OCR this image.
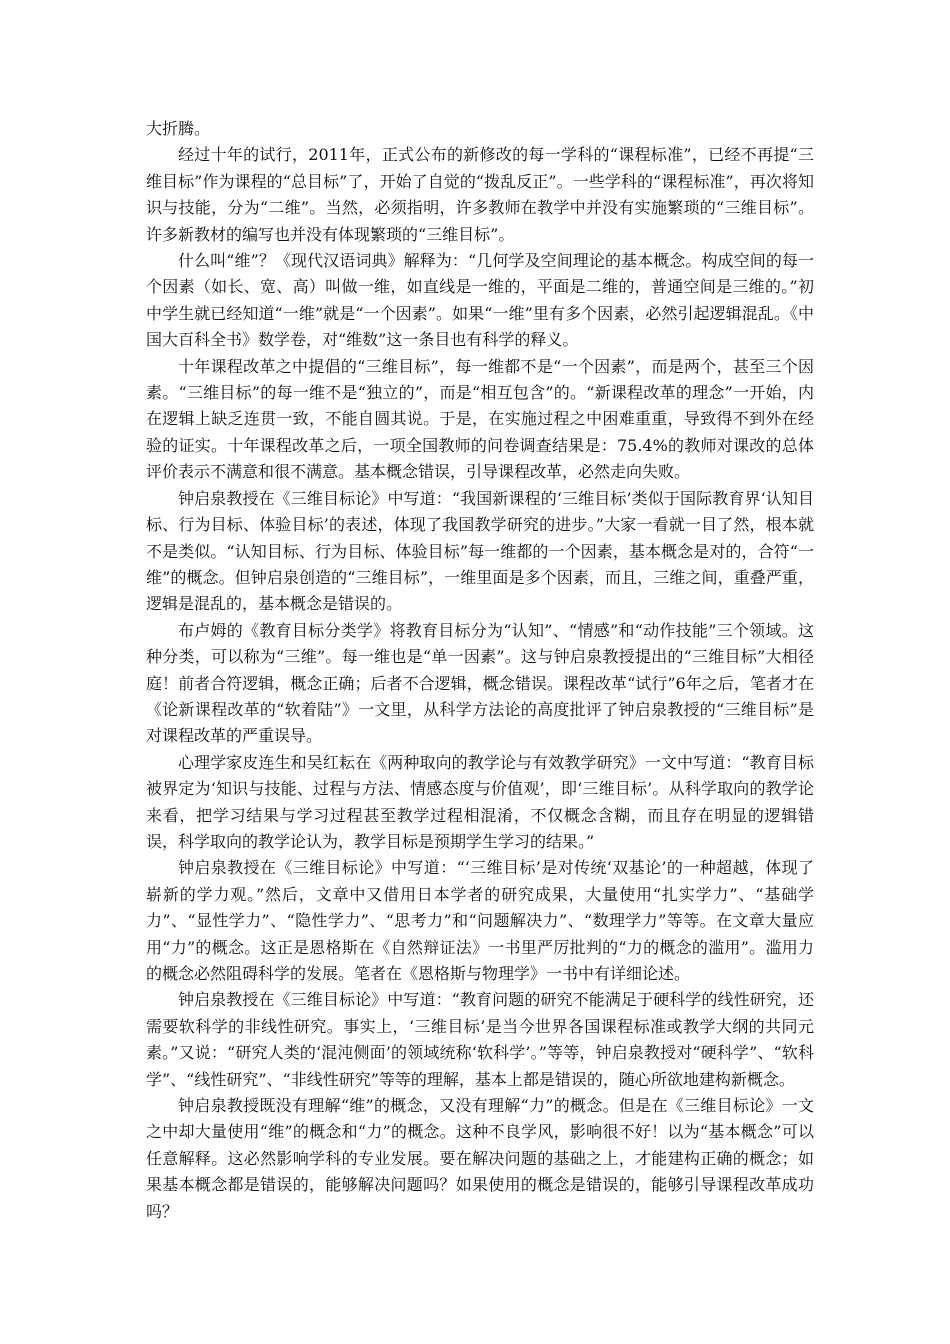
大折腾。

经过十年的试行，2011年，正式公布的新修改的每一学科的“课程标准”，已经不再提“三维目标”作为课程的“总目标”了，开始了自觉的“拨乱反正”。一些学科的“课程标准”，再次将知识与技能，分为“二维”。当然，必须指明，许多教师在教学中并没有实施繁琐的“三维目标”。许多新教材的编写也并没有体现繁琐的“三维目标”。

什么叫“维”？《现代汉语词典》解释为：“几何学及空间理论的基本概念。构成空间的每一个因素（如长、宽、高）叫做一维，如直线是一维的，平面是二维的，普通空间是三维的。”初中学生就已经知道“一维”就是“一个因素”。如果“一维”里有多个因素，必然引起逻辑混乱。《中国大百科全书》数学卷，对“维数”这一条目也有科学的释义。

十年课程改革之中提倡的“三维目标”，每一维都不是“一个因素”，而是两个，甚至三个因素。“三维目标”的每一维不是“独立的”，而是“相互包含”的。“新课程改革的理念”一开始，内在逻辑上缺乏连贯一致，不能自圆其说。于是，在实施过程之中困难重重，导致得不到外在经验的证实。十年课程改革之后，一项全国教师的问卷调查结果是：75.4%的教师对课改的总体评价表示不满意和很不满意。基本概念错误，引导课程改革，必然走向失败。

钟启泉教授在《三维目标论》中写道：“我国新课程的‘三维目标’类似于国际教育界‘认知目标、行为目标、体验目标’的表述，体现了我国教学研究的进步。”大家一看就一目了然，根本就不是类似。“认知目标、行为目标、体验目标”每一维都的一个因素，基本概念是对的，合符“一维”的概念。但钟启泉创造的“三维目标”，一维里面是多个因素，而且，三维之间，重叠严重，逻辑是混乱的，基本概念是错误的。

布卢姆的《教育目标分类学》将教育目标分为“认知”、“情感”和“动作技能”三个领域。这种分类，可以称为“三维”。每一维也是“单一因素”。这与钟启泉教授提出的“三维目标”大相径庭！前者合符逻辑，概念正确；后者不合逻辑，概念错误。课程改革“试行”6年之后，笔者才在《论新课程改革的“软着陆”》一文里，从科学方法论的高度批评了钟启泉教授的“三维目标”是对课程改革的严重误导。

心理学家皮连生和吴红耘在《两种取向的教学论与有效教学研究》一文中写道：“教育目标被界定为‘知识与技能、过程与方法、情感态度与价值观’，即‘三维目标’。从科学取向的教学论来看，把学习结果与学习过程甚至教学过程相混淆，不仅概念含糊，而且存在明显的逻辑错误，科学取向的教学论认为，教学目标是预期学生学习的结果。”

钟启泉教授在《三维目标论》中写道：“‘三维目标’是对传统‘双基论’的一种超越，体现了崭新的学力观。”然后，文章中又借用日本学者的研究成果，大量使用“扎实学力”、“基础学力”、“显性学力”、“隐性学力”、“思考力”和“问题解决力”、“数理学力”等等。在文章大量应用“力”的概念。这正是恩格斯在《自然辩证法》一书里严厉批判的“力的概念的滥用”。滥用力的概念必然阻碍科学的发展。笔者在《恩格斯与物理学》一书中有详细论述。

钟启泉教授在《三维目标论》中写道：“教育问题的研究不能满足于硬科学的线性研究，还需要软科学的非线性研究。事实上，‘三维目标’是当今世界各国课程标准或教学大纲的共同元素。”又说：“研究人类的‘混沌侧面’的领域统称‘软科学’。”等等，钟启泉教授对“硬科学”、“软科学”、“线性研究”、“非线性研究”等等的理解，基本上都是错误的，随心所欲地建构新概念。

钟启泉教授既没有理解“维”的概念，又没有理解“力”的概念。但是在《三维目标论》一文之中却大量使用“维”的概念和“力”的概念。这种不良学风，影响很不好！以为“基本概念”可以任意解释。这必然影响学科的专业发展。要在解决问题的基础之上，才能建构正确的概念；如果基本概念都是错误的，能够解决问题吗？如果使用的概念是错误的，能够引导课程改革成功吗？
